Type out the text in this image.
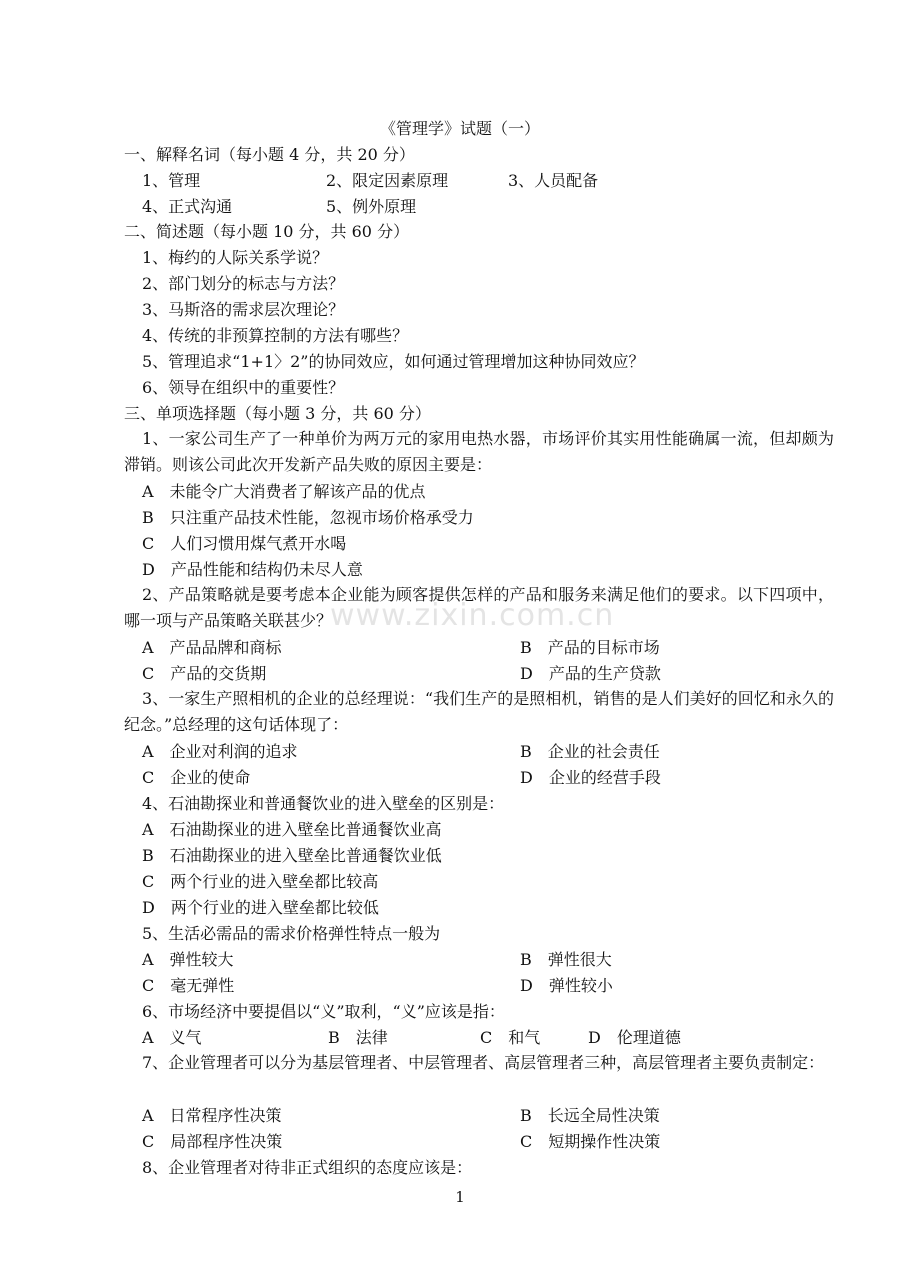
《管理学》试题（一）
一、解释名词（每小题 4 分，共 20 分）
1、管理	2、限定因素原理	3、人员配备
4、正式沟通	5、例外原理
二、简述题（每小题 10 分，共 60 分）
1、梅约的人际关系学说？
2、部门划分的标志与方法？
3、马斯洛的需求层次理论？
4、传统的非预算控制的方法有哪些？
5、管理追求“1+1〉2”的协同效应，如何通过管理增加这种协同效应？
6、领导在组织中的重要性？
三、单项选择题（每小题 3 分，共 60 分）
1、一家公司生产了一种单价为两万元的家用电热水器，市场评价其实用性能确属一流，但却颇为滞销。则该公司此次开发新产品失败的原因主要是：
A　未能令广大消费者了解该产品的优点
B　只注重产品技术性能，忽视市场价格承受力
C　人们习惯用煤气煮开水喝
D　产品性能和结构仍未尽人意
2、产品策略就是要考虑本企业能为顾客提供怎样的产品和服务来满足他们的要求。以下四项中，哪一项与产品策略关联甚少？
A　产品品牌和商标	B　产品的目标市场
C　产品的交货期	D　产品的生产贷款
3、一家生产照相机的企业的总经理说：“我们生产的是照相机，销售的是人们美好的回忆和永久的纪念。”总经理的这句话体现了：
A　企业对利润的追求	B　企业的社会责任
C　企业的使命	D　企业的经营手段
4、石油勘探业和普通餐饮业的进入壁垒的区别是：
A　石油勘探业的进入壁垒比普通餐饮业高
B　石油勘探业的进入壁垒比普通餐饮业低
C　两个行业的进入壁垒都比较高
D　两个行业的进入壁垒都比较低
5、生活必需品的需求价格弹性特点一般为
A　弹性较大	B　弹性很大
C　毫无弹性	D　弹性较小
6、市场经济中要提倡以“义”取利，“义”应该是指：
A　义气	B　法律	C　和气	D　伦理道德
7、企业管理者可以分为基层管理者、中层管理者、高层管理者三种，高层管理者主要负责制定：
A　日常程序性决策	B　长远全局性决策
C　局部程序性决策	C　短期操作性决策
8、企业管理者对待非正式组织的态度应该是：
1
www.zixin.com.cn
